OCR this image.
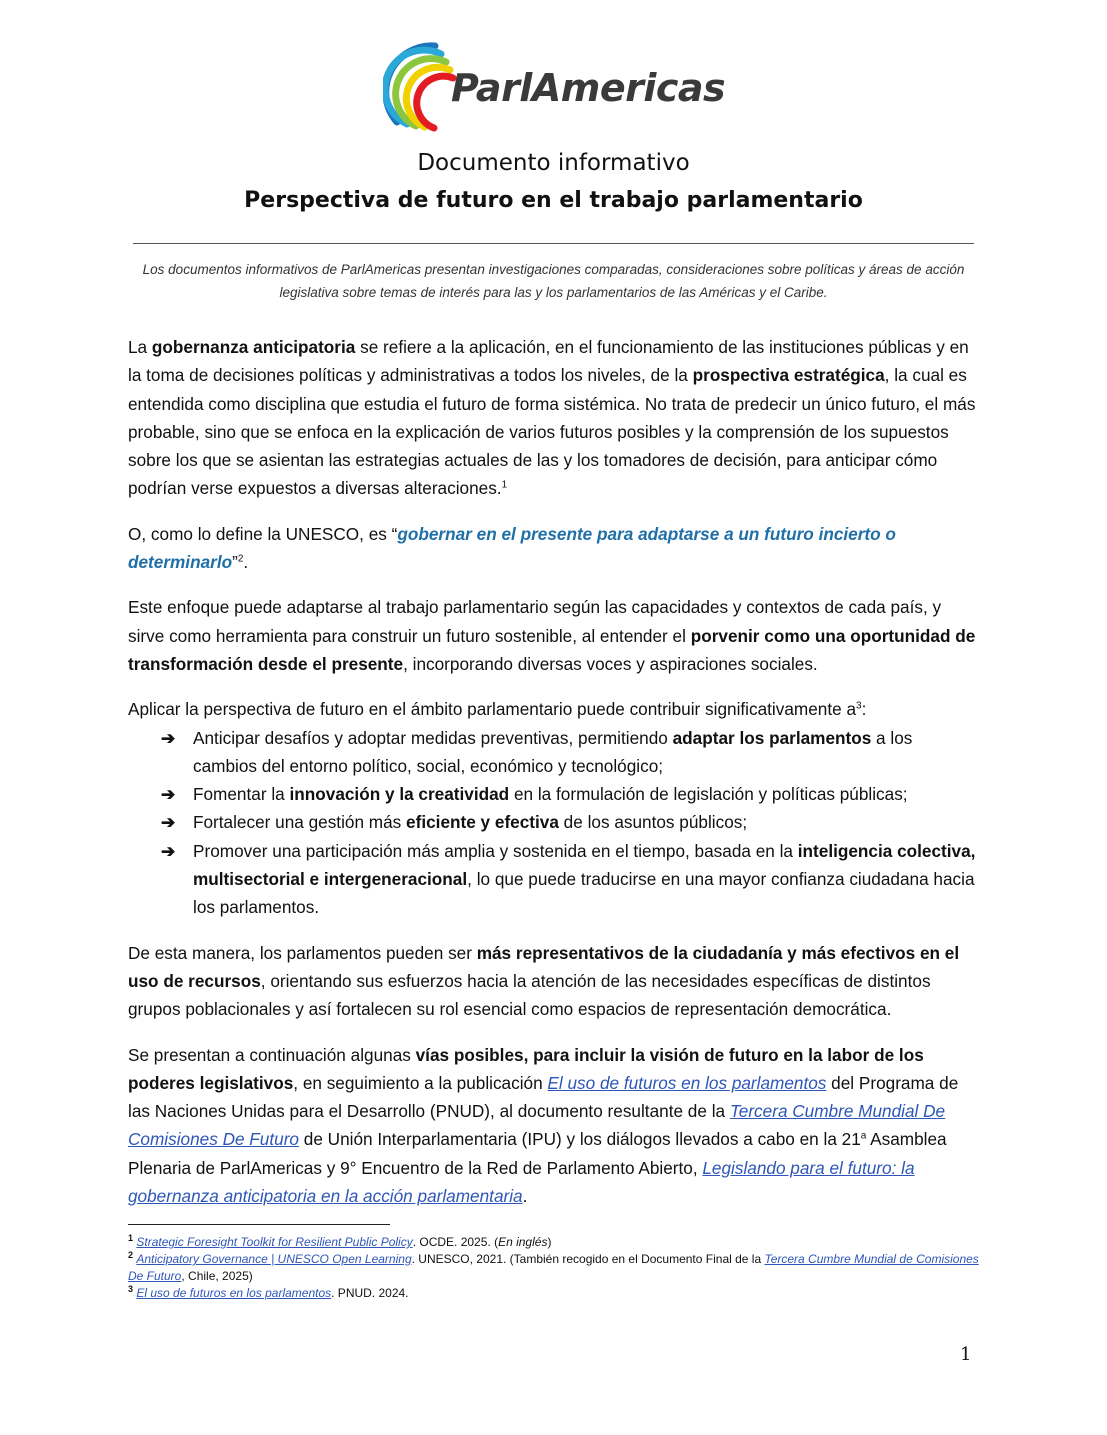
ParlAmericas
Documento informativo
Perspectiva de futuro en el trabajo parlamentario
Los documentos informativos de ParlAmericas presentan investigaciones comparadas, consideraciones sobre políticas y áreas de acción legislativa sobre temas de interés para las y los parlamentarios de las Américas y el Caribe.

La gobernanza anticipatoria se refiere a la aplicación, en el funcionamiento de las instituciones públicas y en la toma de decisiones políticas y administrativas a todos los niveles, de la prospectiva estratégica, la cual es entendida como disciplina que estudia el futuro de forma sistémica. No trata de predecir un único futuro, el más probable, sino que se enfoca en la explicación de varios futuros posibles y la comprensión de los supuestos sobre los que se asientan las estrategias actuales de las y los tomadores de decisión, para anticipar cómo podrían verse expuestos a diversas alteraciones.$^1$

O, como lo define la UNESCO, es “gobernar en el presente para adaptarse a un futuro incierto o determinarlo”$^2$.

Este enfoque puede adaptarse al trabajo parlamentario según las capacidades y contextos de cada país, y sirve como herramienta para construir un futuro sostenible, al entender el porvenir como una oportunidad de transformación desde el presente, incorporando diversas voces y aspiraciones sociales.

Aplicar la perspectiva de futuro en el ámbito parlamentario puede contribuir significativamente $a^3$:

➔ Anticipar desafíos y adoptar medidas preventivas, permitiendo adaptar los parlamentos a los cambios del entorno político, social, económico y tecnológico;
➔ Fomentar la innovación y la creatividad en la formulación de legislación y políticas públicas;
➔ Fortalecer una gestión más eficiente y efectiva de los asuntos públicos;
➔ Promover una participación más amplia y sostenida en el tiempo, basada en la inteligencia colectiva, multisectorial e intergeneracional, lo que puede traducirse en una mayor confianza ciudadana hacia los parlamentos.

De esta manera, los parlamentos pueden ser más representativos de la ciudadanía y más efectivos en el uso de recursos, orientando sus esfuerzos hacia la atención de las necesidades específicas de distintos grupos poblacionales y así fortalecen su rol esencial como espacios de representación democrática.

Se presentan a continuación algunas vías posibles, para incluir la visión de futuro en la labor de los poderes legislativos, en seguimiento a la publicación El uso de futuros en los parlamentos del Programa de las Naciones Unidas para el Desarrollo (PNUD), al documento resultante de la Tercera Cumbre Mundial De Comisiones De Futuro de Unión Interparlamentaria (IPU) y los diálogos llevados a cabo en la 21$^a$ Asamblea Plenaria de ParlAmericas y 9° Encuentro de la Red de Parlamento Abierto, Legislando para el futuro: la gobernanza anticipatoria en la acción parlamentaria.

$^1$ Strategic Foresight Toolkit for Resilient Public Policy. OCDE. 2025. (En inglés)
$^2$ Anticipatory Governance | UNESCO Open Learning. UNESCO, 2021. (También recogido en el Documento Final de la Tercera Cumbre Mundial de Comisiones De Futuro, Chile, 2025)
$^3$ El uso de futuros en los parlamentos. PNUD. 2024.
1
